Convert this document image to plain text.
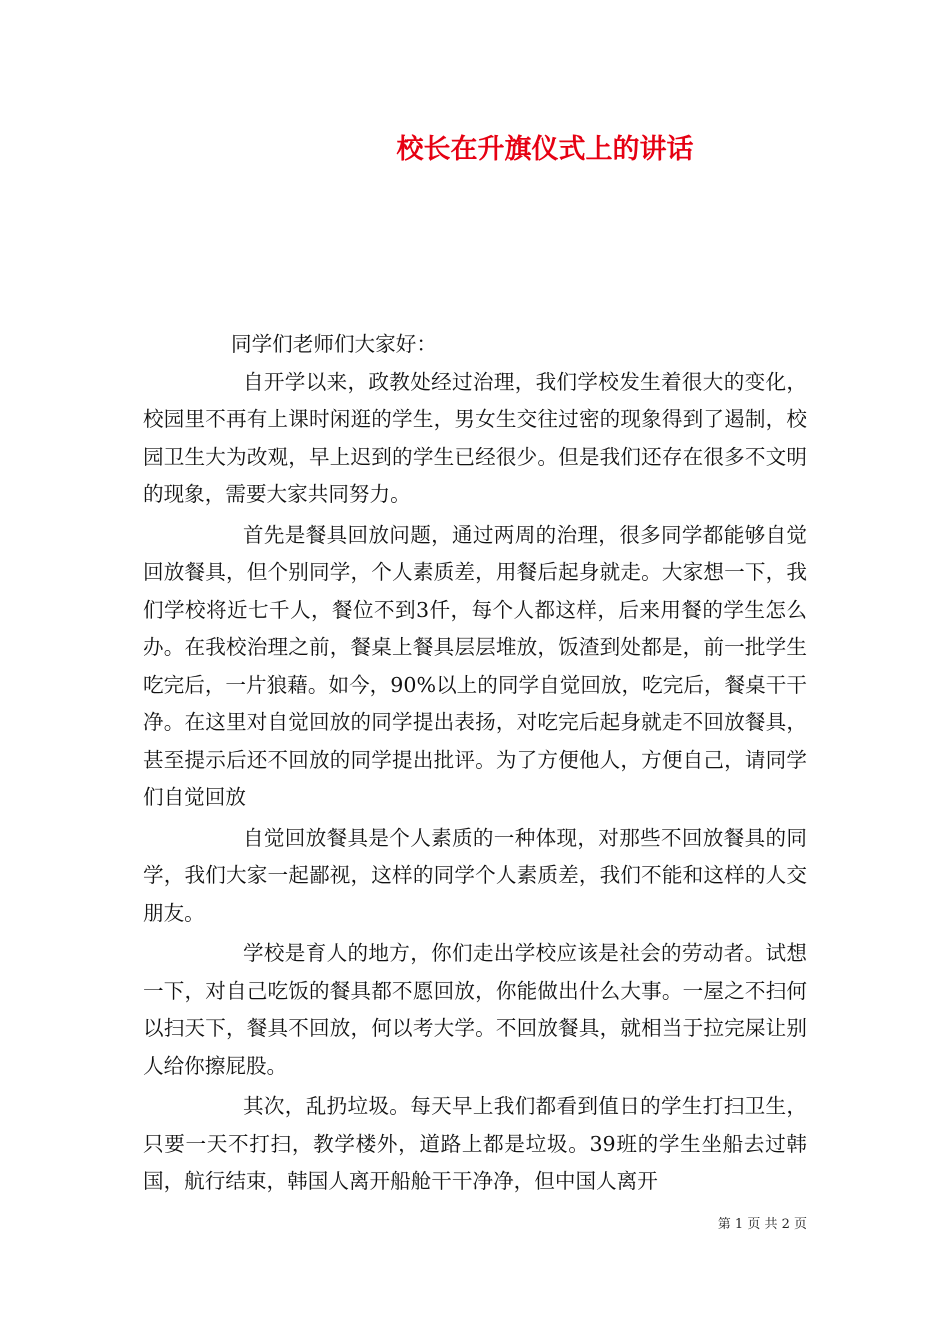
校长在升旗仪式上的讲话

同学们老师们大家好：

自开学以来，政教处经过治理，我们学校发生着很大的变化，校园里不再有上课时闲逛的学生，男女生交往过密的现象得到了遏制，校园卫生大为改观，早上迟到的学生已经很少。但是我们还存在很多不文明的现象，需要大家共同努力。

首先是餐具回放问题，通过两周的治理，很多同学都能够自觉回放餐具，但个别同学，个人素质差，用餐后起身就走。大家想一下，我们学校将近七千人，餐位不到3仟，每个人都这样，后来用餐的学生怎么办。在我校治理之前，餐桌上餐具层层堆放，饭渣到处都是，前一批学生吃完后，一片狼藉。如今，90%以上的同学自觉回放，吃完后，餐桌干干净。在这里对自觉回放的同学提出表扬，对吃完后起身就走不回放餐具，甚至提示后还不回放的同学提出批评。为了方便他人，方便自己，请同学们自觉回放

自觉回放餐具是个人素质的一种体现，对那些不回放餐具的同学，我们大家一起鄙视，这样的同学个人素质差，我们不能和这样的人交朋友。

学校是育人的地方，你们走出学校应该是社会的劳动者。试想一下，对自己吃饭的餐具都不愿回放，你能做出什么大事。一屋之不扫何以扫天下，餐具不回放，何以考大学。不回放餐具，就相当于拉完屎让别人给你擦屁股。

其次，乱扔垃圾。每天早上我们都看到值日的学生打扫卫生，只要一天不打扫，教学楼外，道路上都是垃圾。39班的学生坐船去过韩国，航行结束，韩国人离开船舱干干净净，但中国人离开

第 1 页 共 2 页
